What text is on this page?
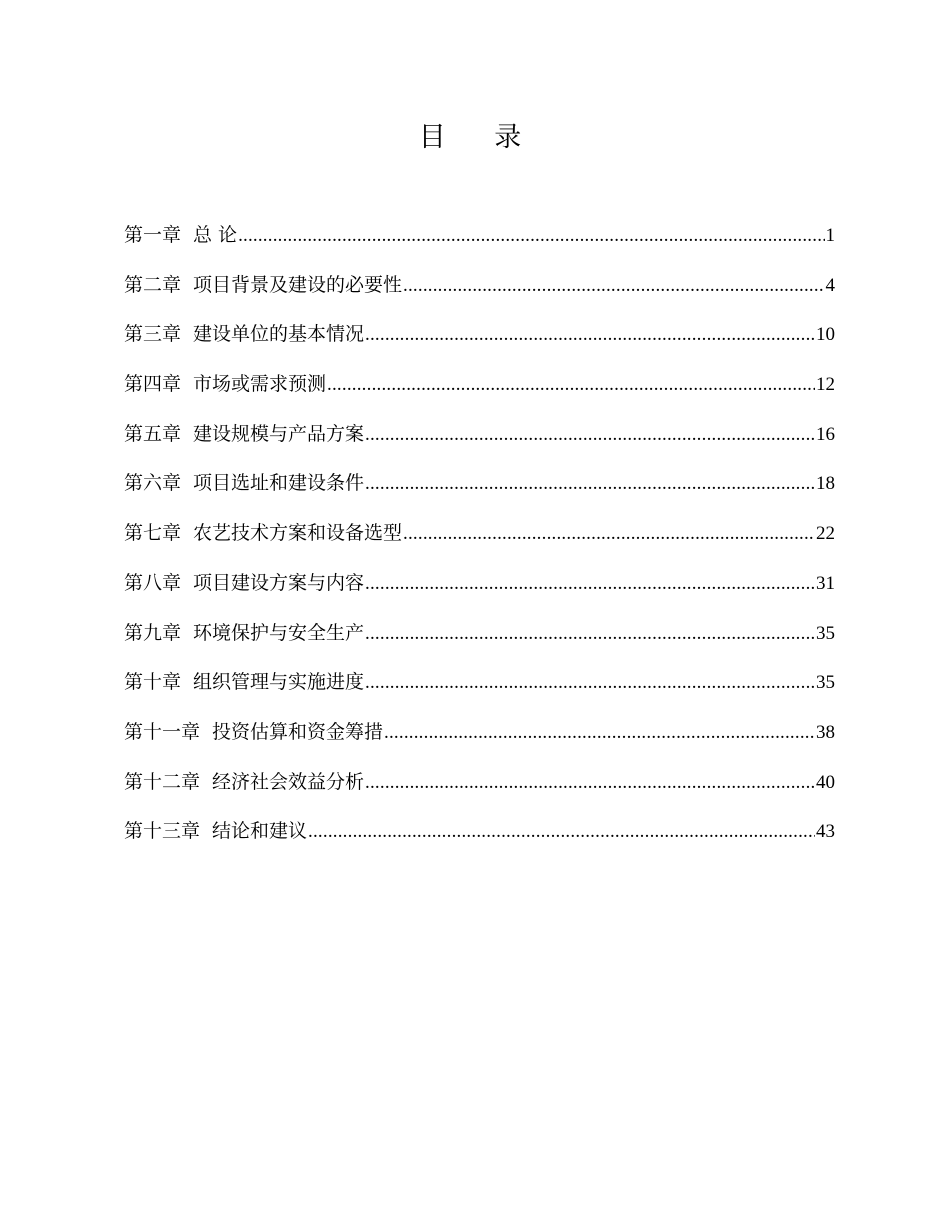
目 录
第一章 总 论 .....	1
第二章 项目背景及建设的必要性 .....	4
第三章 建设单位的基本情况 .....	10
第四章 市场或需求预测 .....	12
第五章 建设规模与产品方案 .....	16
第六章 项目选址和建设条件 .....	18
第七章 农艺技术方案和设备选型 .....	22
第八章 项目建设方案与内容 .....	31
第九章 环境保护与安全生产 .....	35
第十章 组织管理与实施进度 .....	35
第十一章 投资估算和资金筹措 .....	38
第十二章 经济社会效益分析 .....	40
第十三章 结论和建议 .....	43
